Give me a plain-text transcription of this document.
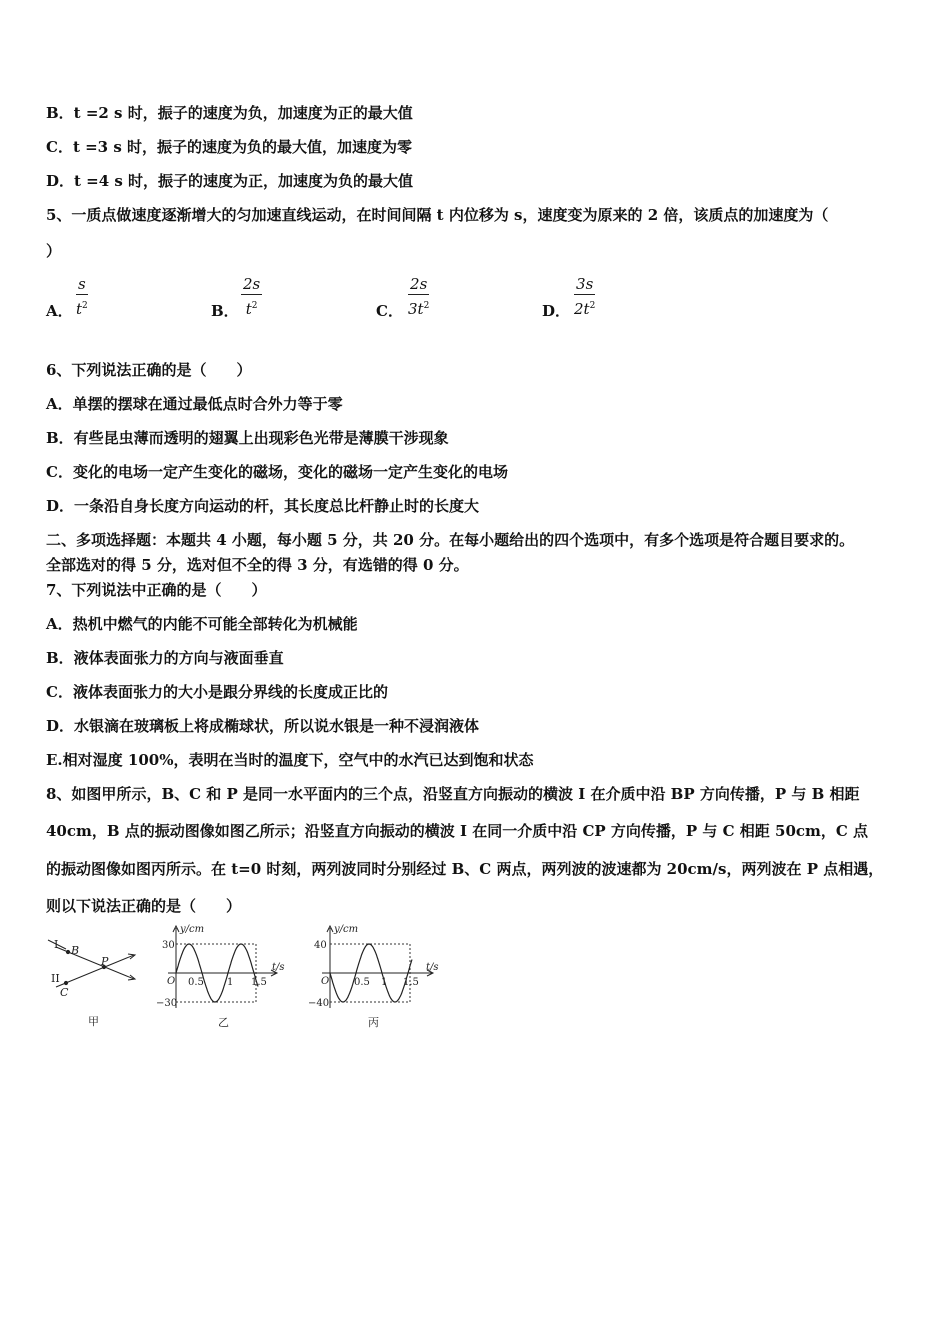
B．t =2 s 时，振子的速度为负，加速度为正的最大值
C．t =3 s 时，振子的速度为负的最大值，加速度为零
D．t =4 s 时，振子的速度为正，加速度为负的最大值
5、一质点做速度逐渐增大的匀加速直线运动，在时间间隔 t 内位移为 s，速度变为原来的 2 倍，该质点的加速度为（
）
A． $\frac{s}{t^2}$	B． $\frac{2s}{t^2}$	C． $\frac{2s}{3t^2}$	D． $\frac{3s}{2t^2}$
6、下列说法正确的是（　　）
A．单摆的摆球在通过最低点时合外力等于零
B．有些昆虫薄而透明的翅翼上出现彩色光带是薄膜干涉现象
C．变化的电场一定产生变化的磁场，变化的磁场一定产生变化的电场
D．一条沿自身长度方向运动的杆，其长度总比杆静止时的长度大
二、多项选择题：本题共 4 小题，每小题 5 分，共 20 分。在每小题给出的四个选项中，有多个选项是符合题目要求的。
全部选对的得 5 分，选对但不全的得 3 分，有选错的得 0 分。
7、下列说法中正确的是（　　）
A．热机中燃气的内能不可能全部转化为机械能
B．液体表面张力的方向与液面垂直
C．液体表面张力的大小是跟分界线的长度成正比的
D．水银滴在玻璃板上将成椭球状，所以说水银是一种不浸润液体
E.相对湿度 100%，表明在当时的温度下，空气中的水汽已达到饱和状态
8、如图甲所示，B、C 和 P 是同一水平面内的三个点，沿竖直方向振动的横波 I 在介质中沿 BP 方向传播，P 与 B 相距
40cm，B 点的振动图像如图乙所示；沿竖直方向振动的横波 I 在同一介质中沿 CP 方向传播，P 与 C 相距 50cm，C 点
的振动图像如图丙所示。在 t=0 时刻，两列波同时分别经过 B、C 两点，两列波的波速都为 20cm/s，两列波在 P 点相遇，
则以下说法正确的是（　　）
I B
P
II
C
甲
y/cm
t/s
O
30
−30
0.5 1 1.5
乙
y/cm
t/s
O
40
−40
0.5 1 1.5
丙
